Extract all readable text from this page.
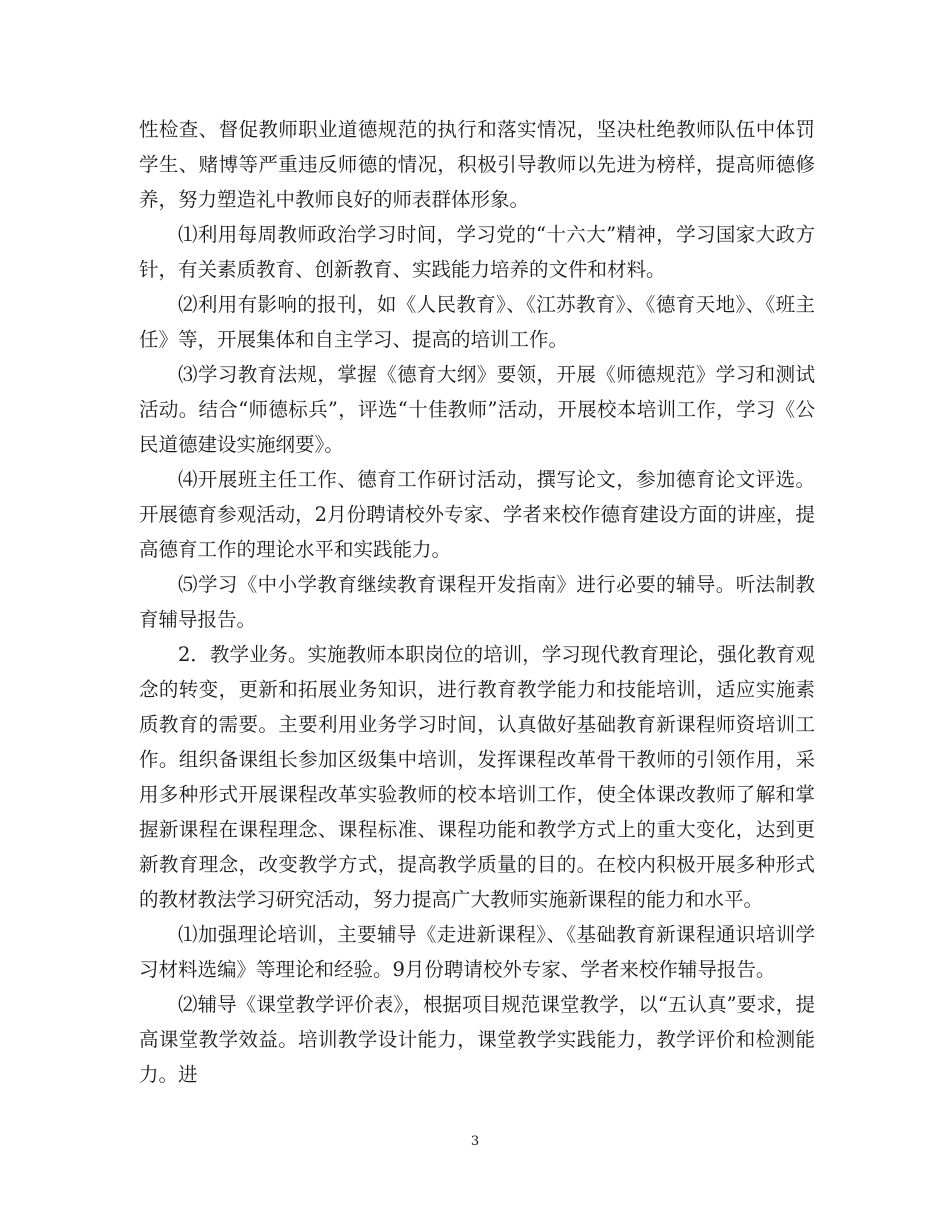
性检查、督促教师职业道德规范的执行和落实情况，坚决杜绝教师队伍中体罚学生、赌博等严重违反师德的情况，积极引导教师以先进为榜样，提高师德修养，努力塑造礼中教师良好的师表群体形象。

⑴利用每周教师政治学习时间，学习党的“十六大”精神，学习国家大政方针，有关素质教育、创新教育、实践能力培养的文件和材料。

⑵利用有影响的报刊，如《人民教育》、《江苏教育》、《德育天地》、《班主任》等，开展集体和自主学习、提高的培训工作。

⑶学习教育法规，掌握《德育大纲》要领，开展《师德规范》学习和测试活动。结合“师德标兵”，评选“十佳教师”活动，开展校本培训工作，学习《公民道德建设实施纲要》。

⑷开展班主任工作、德育工作研讨活动，撰写论文，参加德育论文评选。开展德育参观活动，2月份聘请校外专家、学者来校作德育建设方面的讲座，提高德育工作的理论水平和实践能力。

⑸学习《中小学教育继续教育课程开发指南》进行必要的辅导。听法制教育辅导报告。

2．教学业务。实施教师本职岗位的培训，学习现代教育理论，强化教育观念的转变，更新和拓展业务知识，进行教育教学能力和技能培训，适应实施素质教育的需要。主要利用业务学习时间，认真做好基础教育新课程师资培训工作。组织备课组长参加区级集中培训，发挥课程改革骨干教师的引领作用，采用多种形式开展课程改革实验教师的校本培训工作，使全体课改教师了解和掌握新课程在课程理念、课程标准、课程功能和教学方式上的重大变化，达到更新教育理念，改变教学方式，提高教学质量的目的。在校内积极开展多种形式的教材教法学习研究活动，努力提高广大教师实施新课程的能力和水平。

⑴加强理论培训，主要辅导《走进新课程》、《基础教育新课程通识培训学习材料选编》等理论和经验。9月份聘请校外专家、学者来校作辅导报告。

⑵辅导《课堂教学评价表》，根据项目规范课堂教学，以“五认真”要求，提高课堂教学效益。培训教学设计能力，课堂教学实践能力，教学评价和检测能力。进

3
